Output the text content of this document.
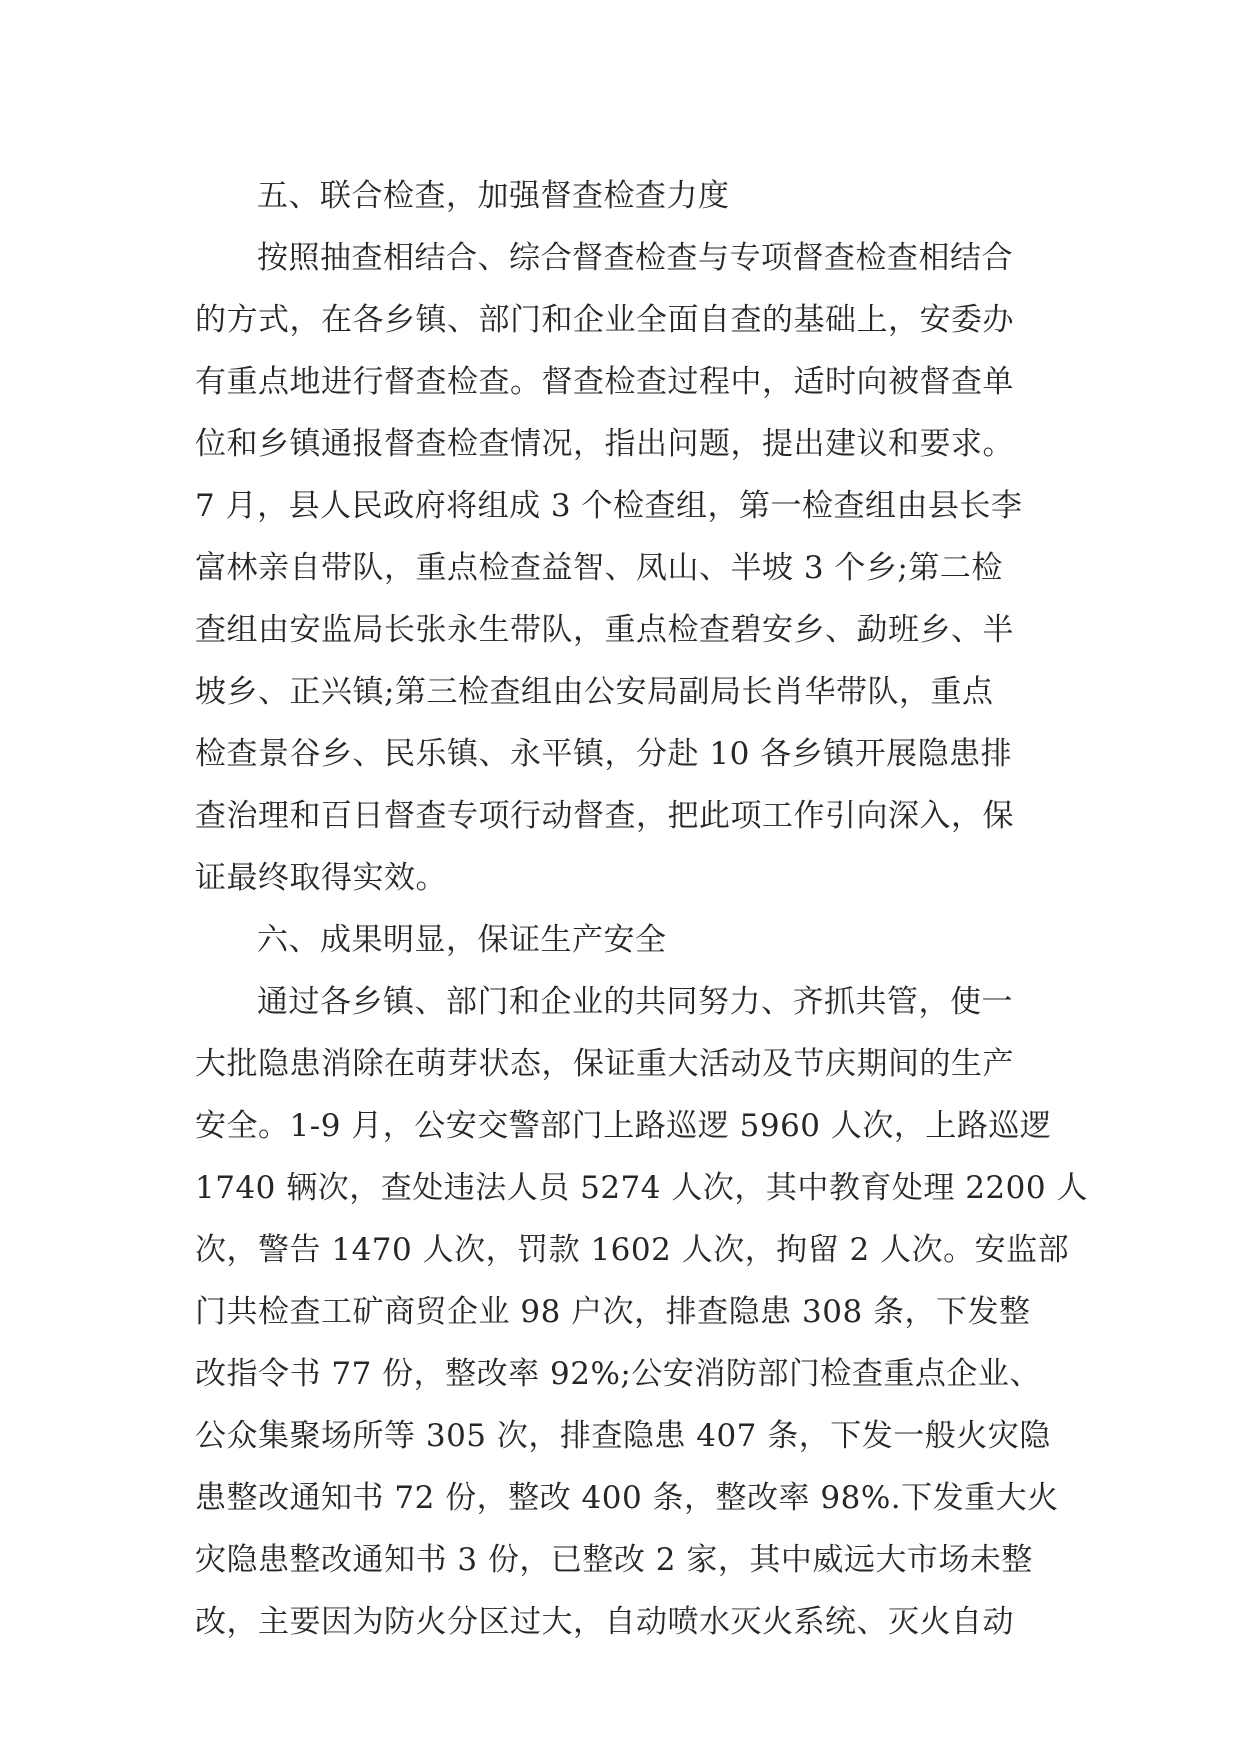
五、联合检查，加强督查检查力度
按照抽查相结合、综合督查检查与专项督查检查相结合
的方式，在各乡镇、部门和企业全面自查的基础上，安委办
有重点地进行督查检查。督查检查过程中，适时向被督查单
位和乡镇通报督查检查情况，指出问题，提出建议和要求。
7 月，县人民政府将组成 3 个检查组，第一检查组由县长李
富林亲自带队，重点检查益智、凤山、半坡 3 个乡;第二检
查组由安监局长张永生带队，重点检查碧安乡、勐班乡、半
坡乡、正兴镇;第三检查组由公安局副局长肖华带队，重点
检查景谷乡、民乐镇、永平镇，分赴 10 各乡镇开展隐患排
查治理和百日督查专项行动督查，把此项工作引向深入，保
证最终取得实效。
六、成果明显，保证生产安全
通过各乡镇、部门和企业的共同努力、齐抓共管，使一
大批隐患消除在萌芽状态，保证重大活动及节庆期间的生产
安全。1-9 月，公安交警部门上路巡逻 5960 人次，上路巡逻
1740 辆次，查处违法人员 5274 人次，其中教育处理 2200 人
次，警告 1470 人次，罚款 1602 人次，拘留 2 人次。安监部
门共检查工矿商贸企业 98 户次，排查隐患 308 条，下发整
改指令书 77 份，整改率 92%;公安消防部门检查重点企业、
公众集聚场所等 305 次，排查隐患 407 条，下发一般火灾隐
患整改通知书 72 份，整改 400 条，整改率 98%.下发重大火
灾隐患整改通知书 3 份，已整改 2 家，其中威远大市场未整
改，主要因为防火分区过大，自动喷水灭火系统、灭火自动
